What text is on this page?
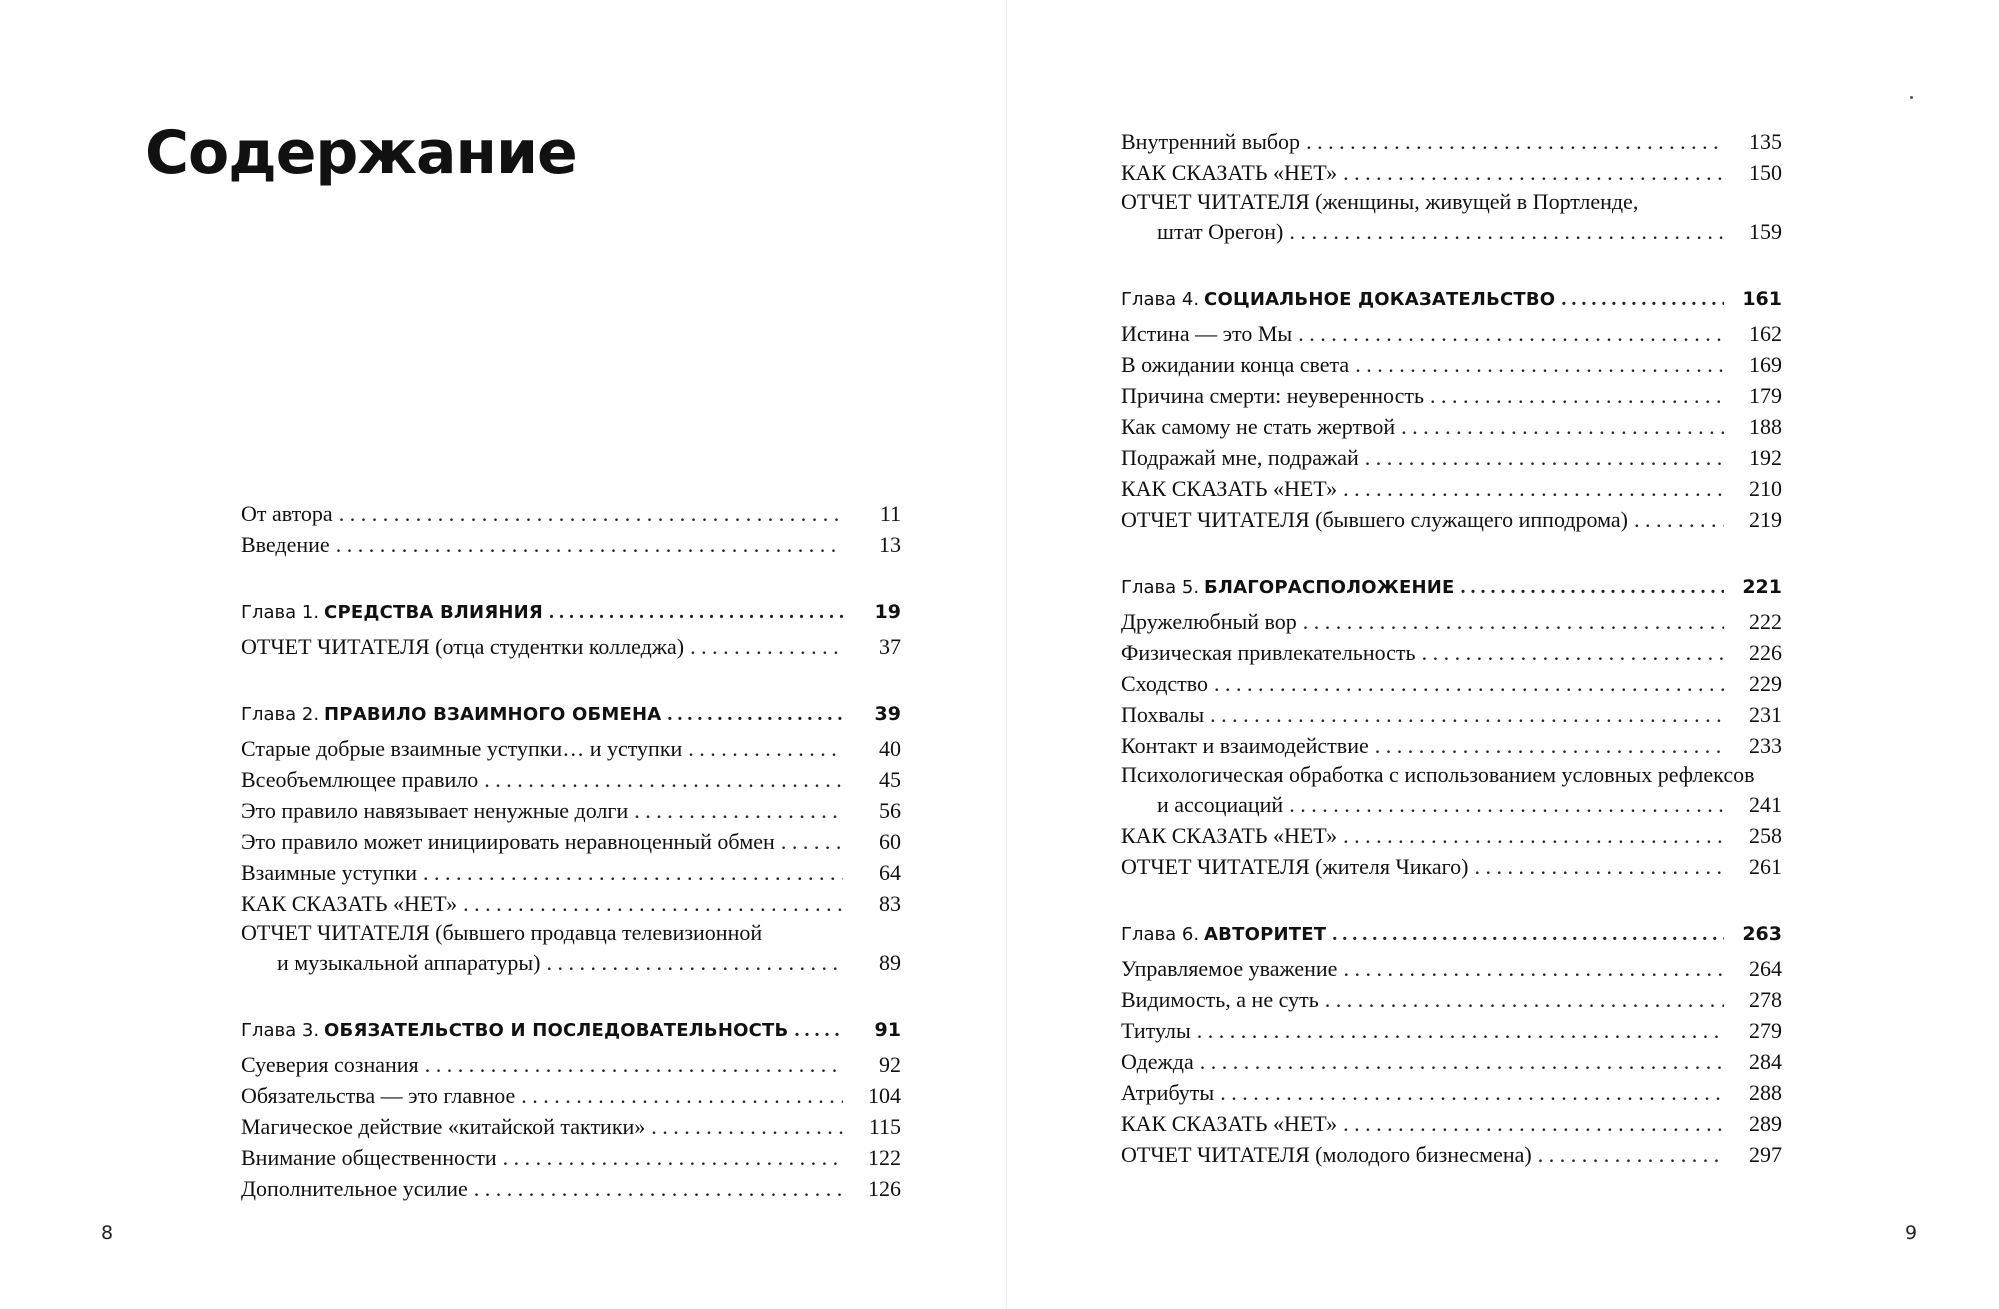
Содержание
От автора . . .	11
Введение . . .	13
Глава 1. СРЕДСТВА ВЛИЯНИЯ . . .	19
ОТЧЕТ ЧИТАТЕЛЯ (отца студентки колледжа) . . .	37
Глава 2. ПРАВИЛО ВЗАИМНОГО ОБМЕНА . . .	39
Старые добрые взаимные уступки… и уступки . . .	40
Всеобъемлющее правило . . .	45
Это правило навязывает ненужные долги . . .	56
Это правило может инициировать неравноценный обмен . . .	60
Взаимные уступки . . .	64
КАК СКАЗАТЬ «НЕТ» . . .	83
ОТЧЕТ ЧИТАТЕЛЯ (бывшего продавца телевизионной
и музыкальной аппаратуры) . . .	89
Глава 3. ОБЯЗАТЕЛЬСТВО И ПОСЛЕДОВАТЕЛЬНОСТЬ . . .	91
Суеверия сознания . . .	92
Обязательства — это главное . . .	104
Магическое действие «китайской тактики» . . .	115
Внимание общественности . . .	122
Дополнительное усилие . . .	126
Внутренний выбор . . .	135
КАК СКАЗАТЬ «НЕТ» . . .	150
ОТЧЕТ ЧИТАТЕЛЯ (женщины, живущей в Портленде,
штат Орегон) . . .	159
Глава 4. СОЦИАЛЬНОЕ ДОКАЗАТЕЛЬСТВО . . .	161
Истина — это Мы . . .	162
В ожидании конца света . . .	169
Причина смерти: неуверенность . . .	179
Как самому не стать жертвой . . .	188
Подражай мне, подражай . . .	192
КАК СКАЗАТЬ «НЕТ» . . .	210
ОТЧЕТ ЧИТАТЕЛЯ (бывшего служащего ипподрома) . . .	219
Глава 5. БЛАГОРАСПОЛОЖЕНИЕ . . .	221
Дружелюбный вор . . .	222
Физическая привлекательность . . .	226
Сходство . . .	229
Похвалы . . .	231
Контакт и взаимодействие . . .	233
Психологическая обработка с использованием условных рефлексов
и ассоциаций . . .	241
КАК СКАЗАТЬ «НЕТ» . . .	258
ОТЧЕТ ЧИТАТЕЛЯ (жителя Чикаго) . . .	261
Глава 6. АВТОРИТЕТ . . .	263
Управляемое уважение . . .	264
Видимость, а не суть . . .	278
Титулы . . .	279
Одежда . . .	284
Атрибуты . . .	288
КАК СКАЗАТЬ «НЕТ» . . .	289
ОТЧЕТ ЧИТАТЕЛЯ (молодого бизнесмена) . . .	297
8	9
